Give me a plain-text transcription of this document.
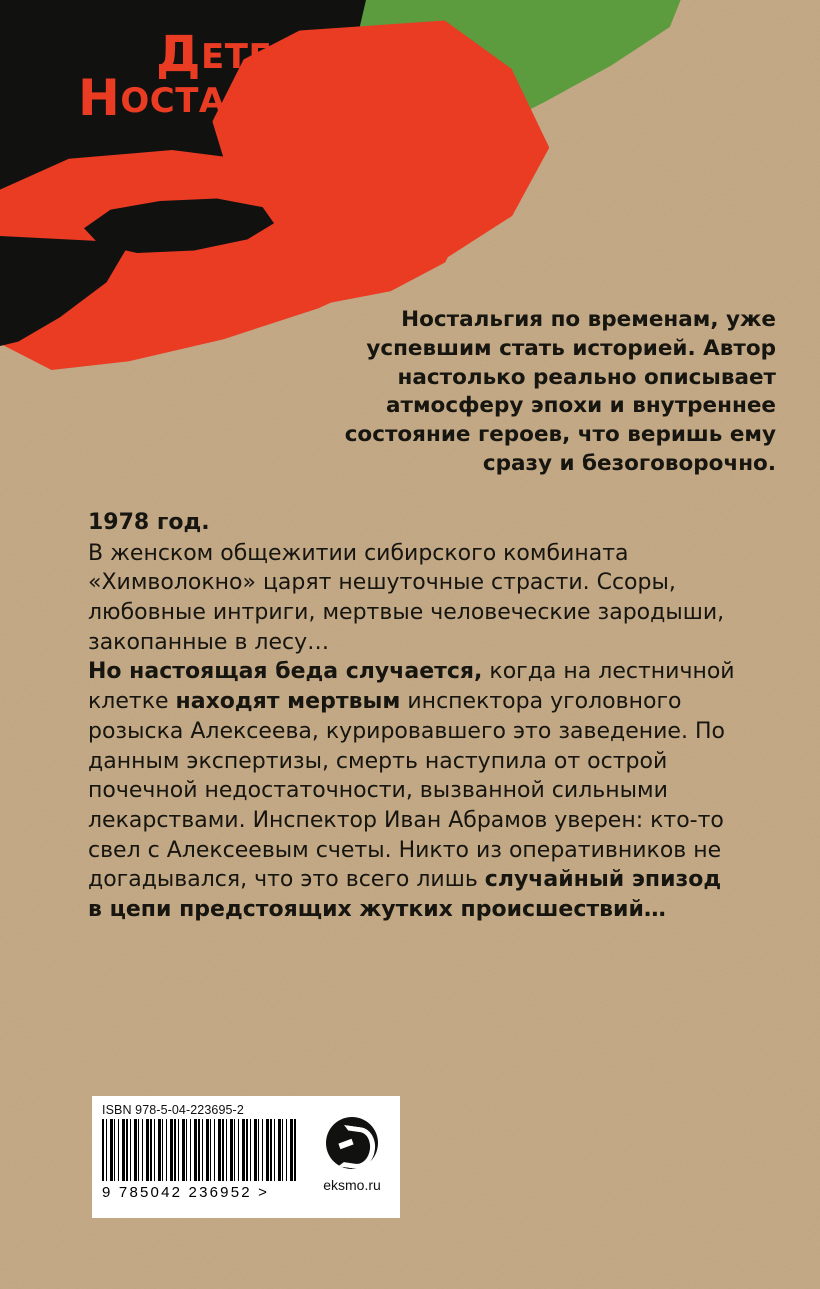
ДЕТЕКТИВ-
НОСТАЛЬГИЯ
Ностальгия по временам, уже успевшим стать историей. Автор настолько реально описывает атмосферу эпохи и внутреннее состояние героев, что веришь ему сразу и безоговорочно.
1978 год.

В женском общежитии сибирского комбината «Химволокно» царят нешуточные страсти. Ссоры, любовные интриги, мертвые человеческие зародыши, закопанные в лесу…

Но настоящая беда случается, когда на лестничной клетке находят мертвым инспектора уголовного розыска Алексеева, курировавшего это заведение. По данным экспертизы, смерть наступила от острой почечной недостаточности, вызванной сильными лекарствами. Инспектор Иван Абрамов уверен: кто-то свел с Алексеевым счеты. Никто из оперативников не догадывался, что это всего лишь случайный эпизод в цепи предстоящих жутких происшествий…

ISBN 978-5-04-223695-2
9 785042 236952 >	eksmo.ru
